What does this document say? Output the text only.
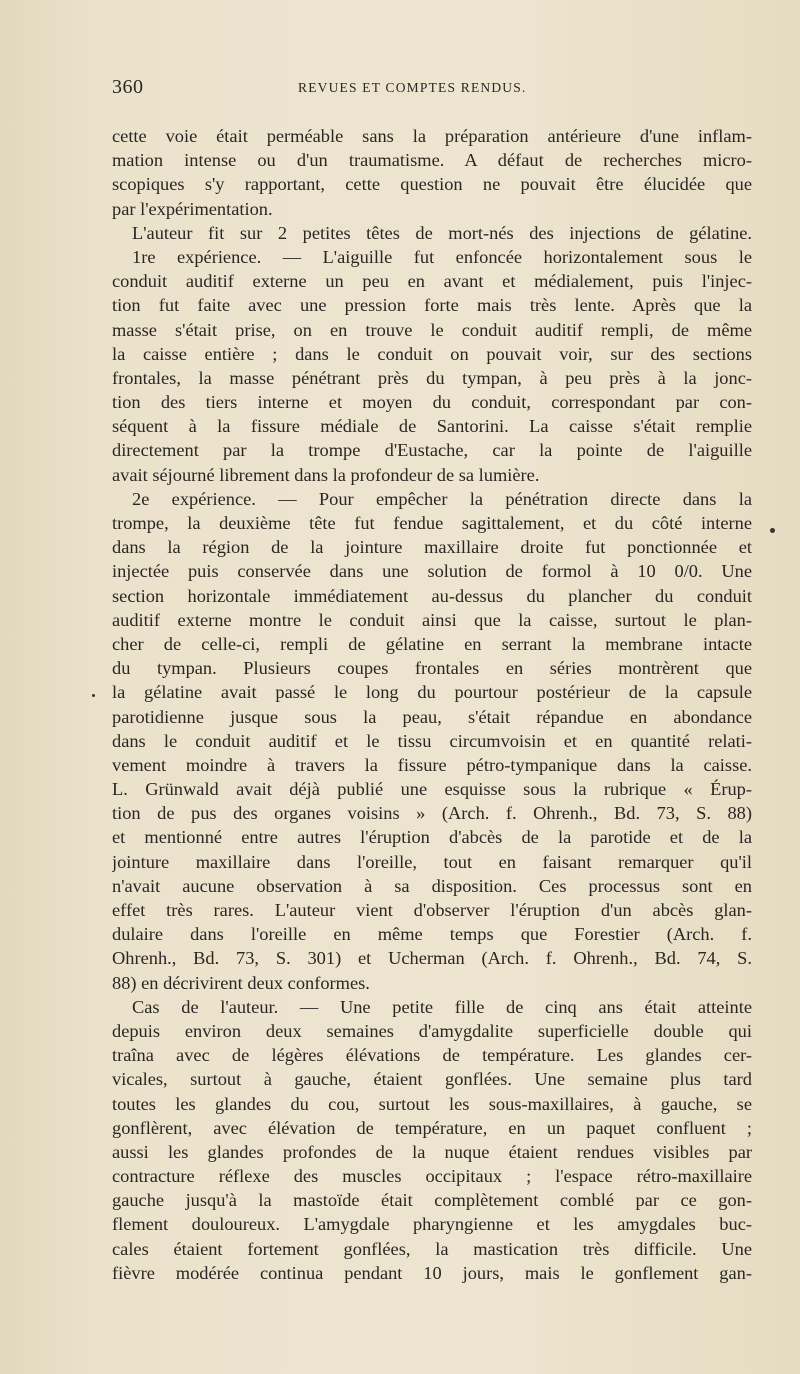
360	REVUES ET COMPTES RENDUS.
cette voie était perméable sans la préparation antérieure d'une inflam-
mation intense ou d'un traumatisme. A défaut de recherches micro-
scopiques s'y rapportant, cette question ne pouvait être élucidée que
par l'expérimentation.
L'auteur fit sur 2 petites têtes de mort-nés des injections de gélatine.
1re expérience. — L'aiguille fut enfoncée horizontalement sous le
conduit auditif externe un peu en avant et médialement, puis l'injec-
tion fut faite avec une pression forte mais très lente. Après que la
masse s'était prise, on en trouve le conduit auditif rempli, de même
la caisse entière ; dans le conduit on pouvait voir, sur des sections
frontales, la masse pénétrant près du tympan, à peu près à la jonc-
tion des tiers interne et moyen du conduit, correspondant par con-
séquent à la fissure médiale de Santorini. La caisse s'était remplie
directement par la trompe d'Eustache, car la pointe de l'aiguille
avait séjourné librement dans la profondeur de sa lumière.
2e expérience. — Pour empêcher la pénétration directe dans la
trompe, la deuxième tête fut fendue sagittalement, et du côté interne
dans la région de la jointure maxillaire droite fut ponctionnée et
injectée puis conservée dans une solution de formol à 10 0/0. Une
section horizontale immédiatement au-dessus du plancher du conduit
auditif externe montre le conduit ainsi que la caisse, surtout le plan-
cher de celle-ci, rempli de gélatine en serrant la membrane intacte
du tympan. Plusieurs coupes frontales en séries montrèrent que
la gélatine avait passé le long du pourtour postérieur de la capsule
parotidienne jusque sous la peau, s'était répandue en abondance
dans le conduit auditif et le tissu circumvoisin et en quantité relati-
vement moindre à travers la fissure pétro-tympanique dans la caisse.
L. Grünwald avait déjà publié une esquisse sous la rubrique « Érup-
tion de pus des organes voisins » (Arch. f. Ohrenh., Bd. 73, S. 88)
et mentionné entre autres l'éruption d'abcès de la parotide et de la
jointure maxillaire dans l'oreille, tout en faisant remarquer qu'il
n'avait aucune observation à sa disposition. Ces processus sont en
effet très rares. L'auteur vient d'observer l'éruption d'un abcès glan-
dulaire dans l'oreille en même temps que Forestier (Arch. f.
Ohrenh., Bd. 73, S. 301) et Ucherman (Arch. f. Ohrenh., Bd. 74, S.
88) en décrivirent deux conformes.
Cas de l'auteur. — Une petite fille de cinq ans était atteinte
depuis environ deux semaines d'amygdalite superficielle double qui
traîna avec de légères élévations de température. Les glandes cer-
vicales, surtout à gauche, étaient gonflées. Une semaine plus tard
toutes les glandes du cou, surtout les sous-maxillaires, à gauche, se
gonflèrent, avec élévation de température, en un paquet confluent ;
aussi les glandes profondes de la nuque étaient rendues visibles par
contracture réflexe des muscles occipitaux ; l'espace rétro-maxillaire
gauche jusqu'à la mastoïde était complètement comblé par ce gon-
flement douloureux. L'amygdale pharyngienne et les amygdales buc-
cales étaient fortement gonflées, la mastication très difficile. Une
fièvre modérée continua pendant 10 jours, mais le gonflement gan-
